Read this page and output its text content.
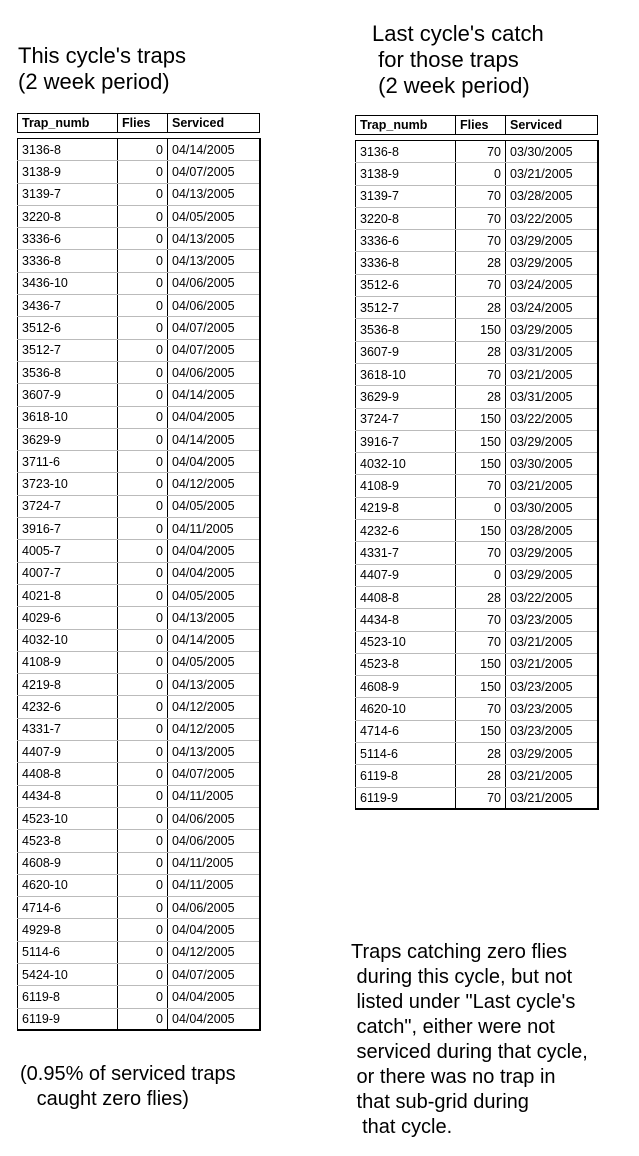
This cycle's traps
(2 week period)
Last cycle's catch
for those traps
(2 week period)
Trap_numb	Flies	Serviced
3136-8	0	04/14/2005
3138-9	0	04/07/2005
3139-7	0	04/13/2005
3220-8	0	04/05/2005
3336-6	0	04/13/2005
3336-8	0	04/13/2005
3436-10	0	04/06/2005
3436-7	0	04/06/2005
3512-6	0	04/07/2005
3512-7	0	04/07/2005
3536-8	0	04/06/2005
3607-9	0	04/14/2005
3618-10	0	04/04/2005
3629-9	0	04/14/2005
3711-6	0	04/04/2005
3723-10	0	04/12/2005
3724-7	0	04/05/2005
3916-7	0	04/11/2005
4005-7	0	04/04/2005
4007-7	0	04/04/2005
4021-8	0	04/05/2005
4029-6	0	04/13/2005
4032-10	0	04/14/2005
4108-9	0	04/05/2005
4219-8	0	04/13/2005
4232-6	0	04/12/2005
4331-7	0	04/12/2005
4407-9	0	04/13/2005
4408-8	0	04/07/2005
4434-8	0	04/11/2005
4523-10	0	04/06/2005
4523-8	0	04/06/2005
4608-9	0	04/11/2005
4620-10	0	04/11/2005
4714-6	0	04/06/2005
4929-8	0	04/04/2005
5114-6	0	04/12/2005
5424-10	0	04/07/2005
6119-8	0	04/04/2005
6119-9	0	04/04/2005
Trap_numb	Flies	Serviced
3136-8	70	03/30/2005
3138-9	0	03/21/2005
3139-7	70	03/28/2005
3220-8	70	03/22/2005
3336-6	70	03/29/2005
3336-8	28	03/29/2005
3512-6	70	03/24/2005
3512-7	28	03/24/2005
3536-8	150	03/29/2005
3607-9	28	03/31/2005
3618-10	70	03/21/2005
3629-9	28	03/31/2005
3724-7	150	03/22/2005
3916-7	150	03/29/2005
4032-10	150	03/30/2005
4108-9	70	03/21/2005
4219-8	0	03/30/2005
4232-6	150	03/28/2005
4331-7	70	03/29/2005
4407-9	0	03/29/2005
4408-8	28	03/22/2005
4434-8	70	03/23/2005
4523-10	70	03/21/2005
4523-8	150	03/21/2005
4608-9	150	03/23/2005
4620-10	70	03/23/2005
4714-6	150	03/23/2005
5114-6	28	03/29/2005
6119-8	28	03/21/2005
6119-9	70	03/21/2005
(0.95% of serviced traps
caught zero flies)
Traps catching zero flies
during this cycle, but not
listed under "Last cycle's
catch", either were not
serviced during that cycle,
or there was no trap in
that sub-grid during
that cycle.
